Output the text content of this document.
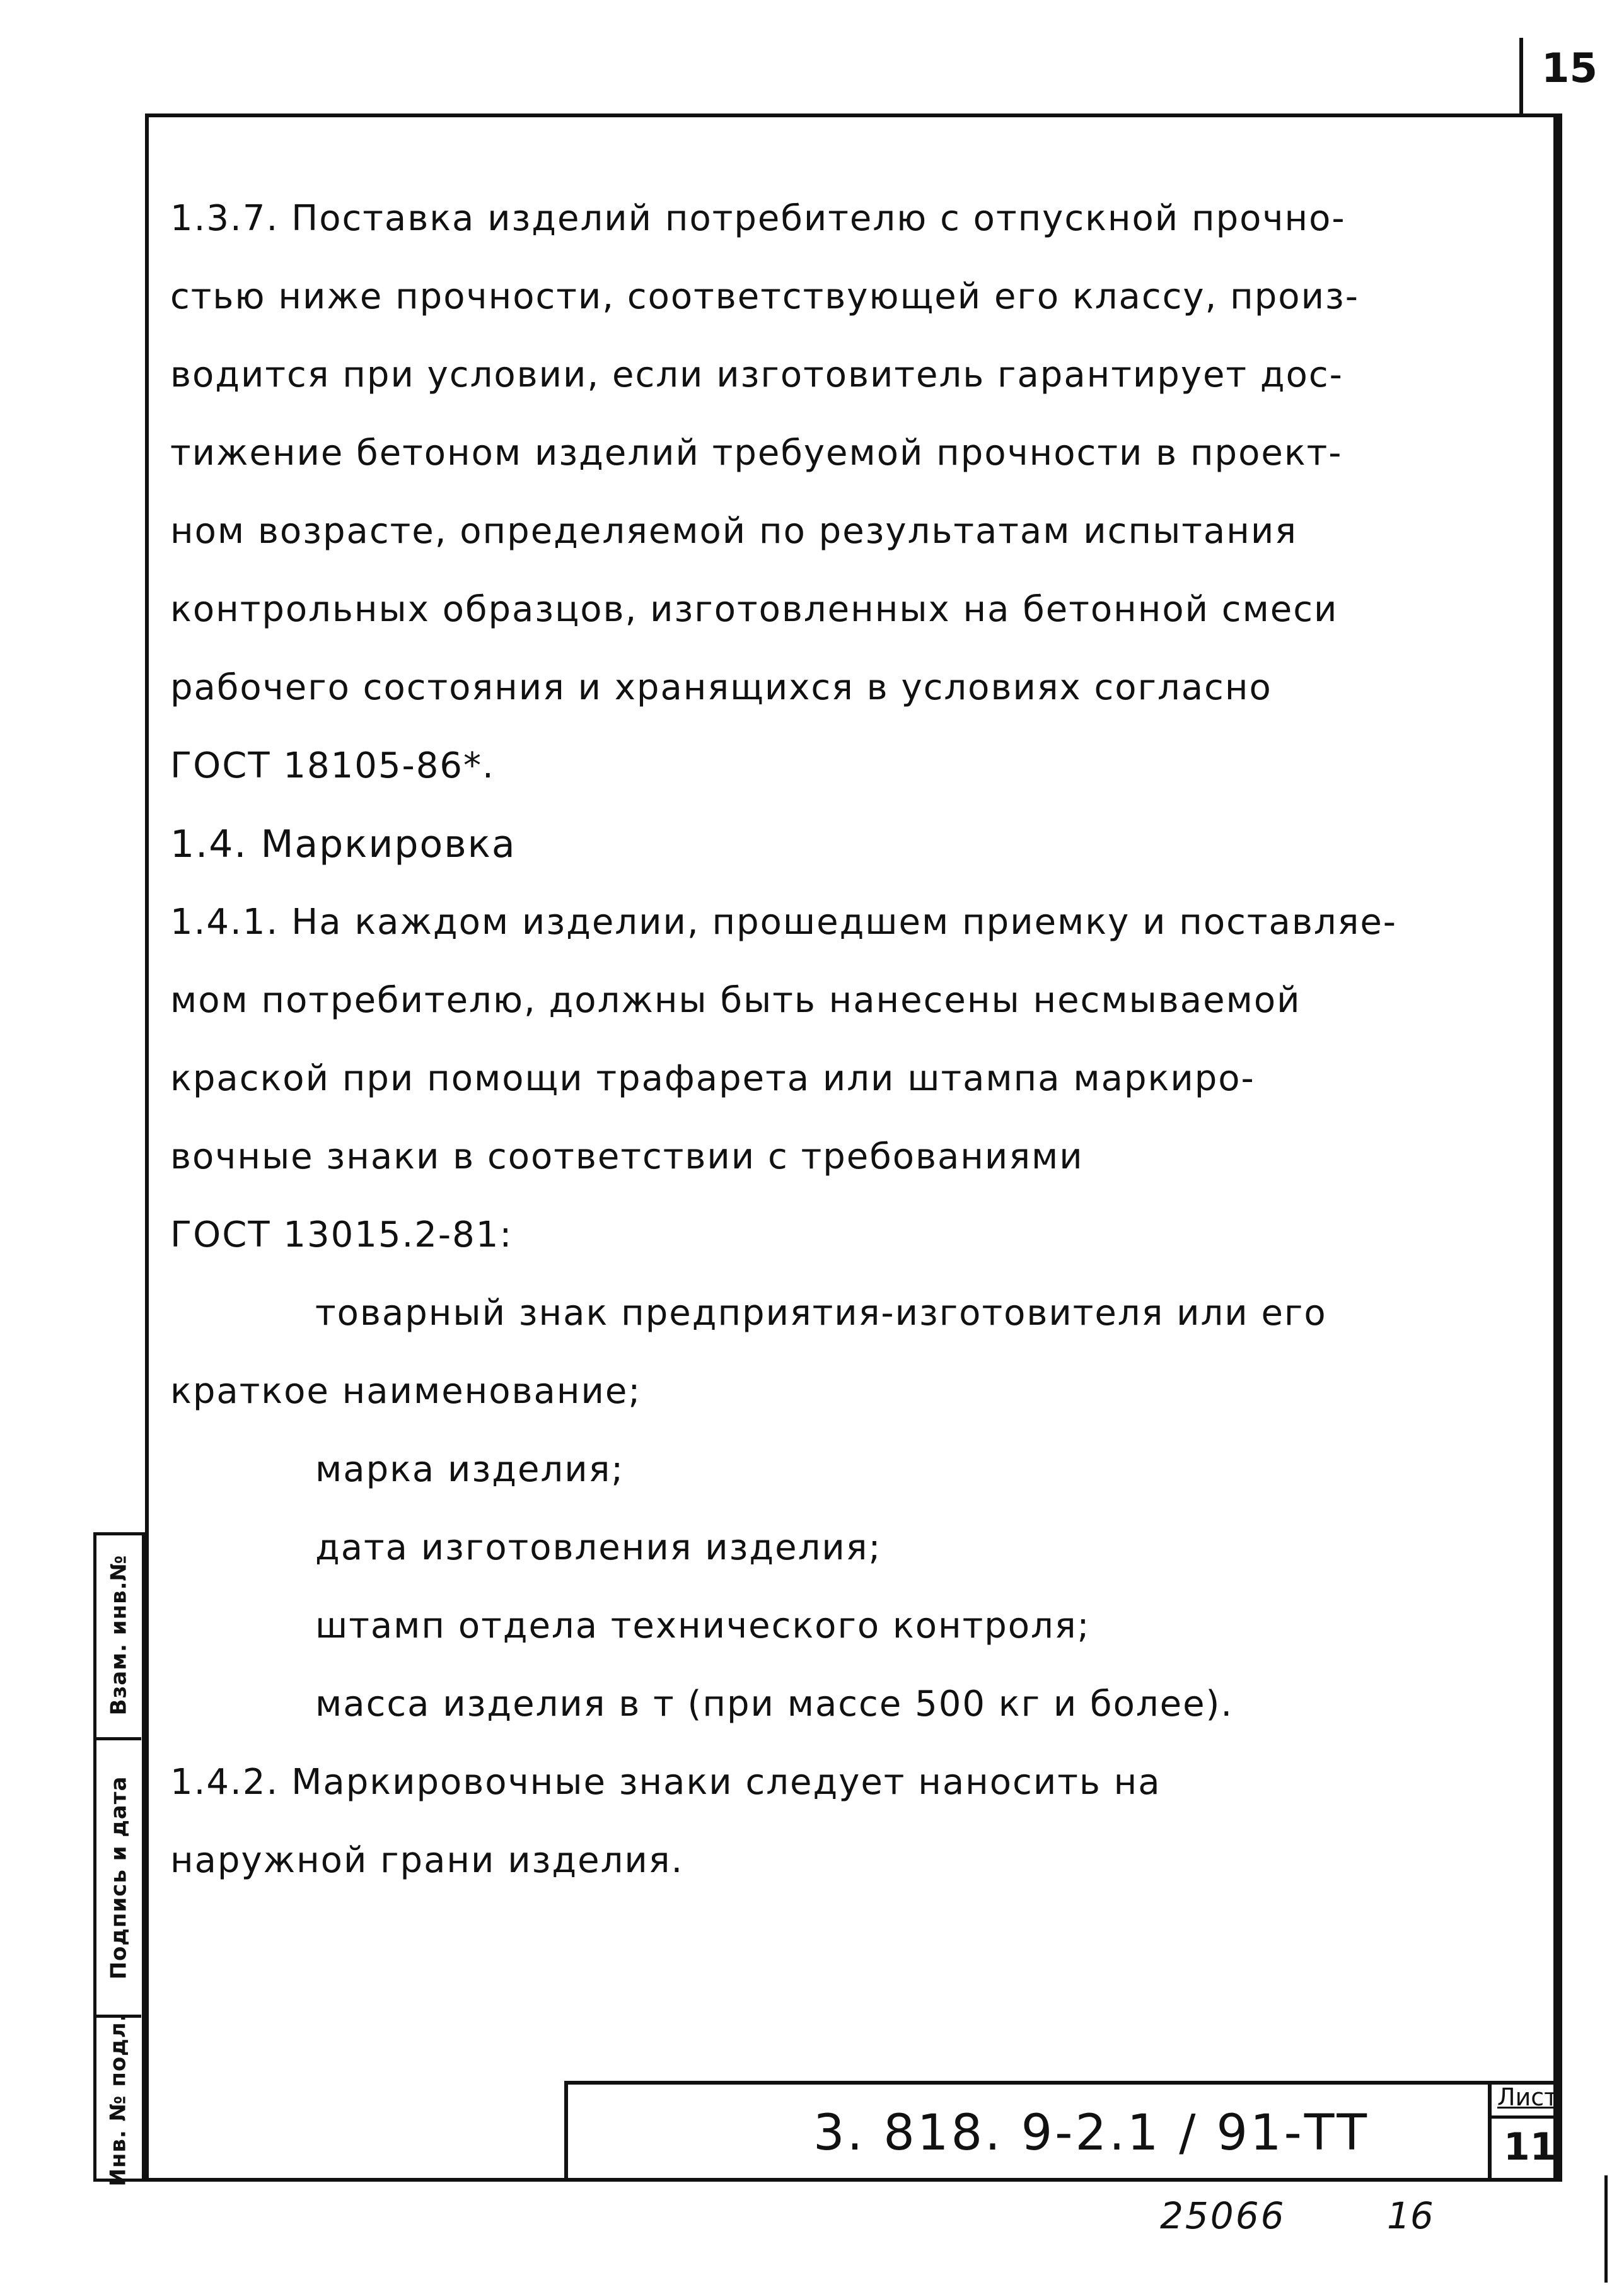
15

1.3.7. Поставка изделий потребителю с отпускной прочно-

стью ниже прочности, соответствующей его классу, произ-

водится при условии, если изготовитель гарантирует дос-

тижение бетоном изделий требуемой прочности в проект-

ном возрасте, определяемой по результатам испытания

контрольных образцов, изготовленных на бетонной смеси

рабочего состояния и хранящихся в условиях согласно

ГОСТ 18105-86*.

1.4. Маркировка

1.4.1. На каждом изделии, прошедшем приемку и поставляе-

мом потребителю, должны быть нанесены несмываемой

краской при помощи трафарета или штампа маркиро-

вочные знаки в соответствии с требованиями

ГОСТ 13015.2-81:

товарный знак предприятия-изготовителя или его

краткое наименование;

марка изделия;

дата изготовления изделия;

штамп отдела технического контроля;

масса изделия в т (при массе 500 кг и более).

1.4.2. Маркировочные знаки следует наносить на

наружной грани изделия.

Взам. инв.№
Подпись и дата
Инв. № подл.	3. 818. 9-2.1 / 91-ТТ
Лист
11
25066	16
